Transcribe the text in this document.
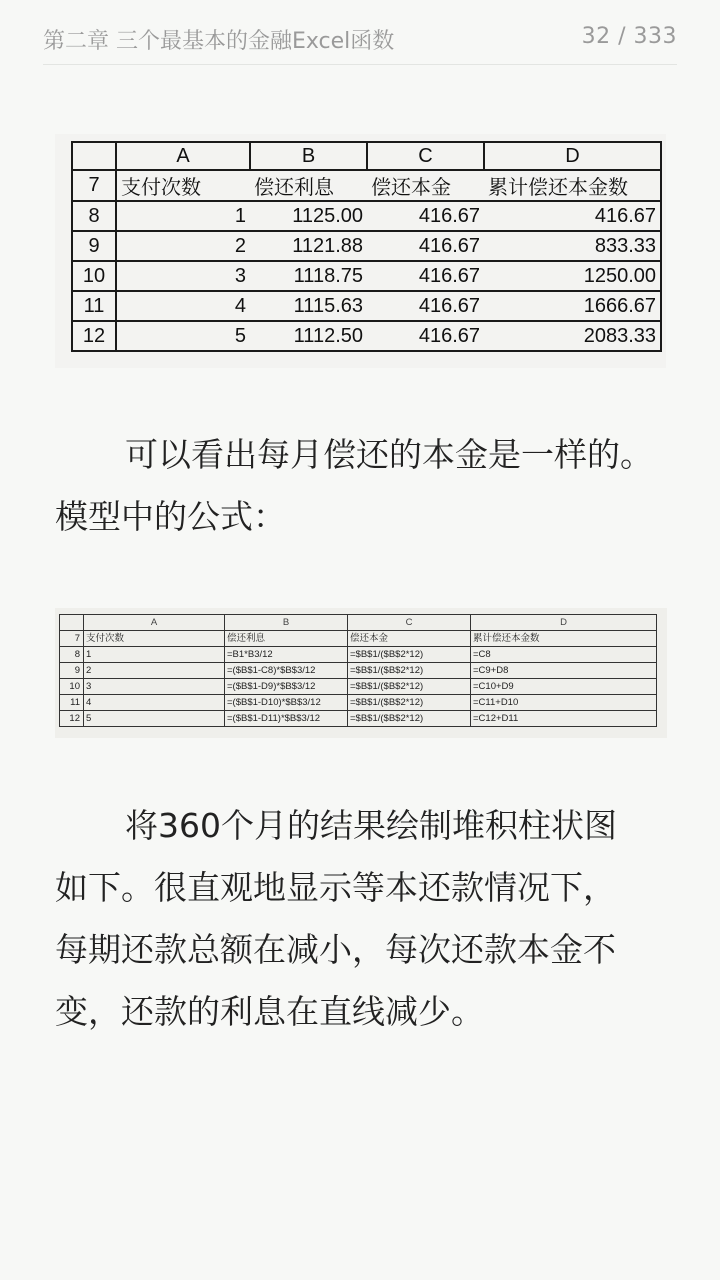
第二章 三个最基本的金融Excel函数	32 / 333
	A	B	C	D
7	支付次数	偿还利息	偿还本金	累计偿还本金数
8	1	1125.00	416.67	416.67
9	2	1121.88	416.67	833.33
10	3	1118.75	416.67	1250.00
11	4	1115.63	416.67	1666.67
12	5	1112.50	416.67	2083.33
可以看出每月偿还的本金是一样的。
模型中的公式：
	A	B	C	D
7	支付次数	偿还利息	偿还本金	累计偿还本金数
8	1	=B1*B3/12	=$B$1/($B$2*12)	=C8
9	2	=($B$1-C8)*$B$3/12	=$B$1/($B$2*12)	=C9+D8
10	3	=($B$1-D9)*$B$3/12	=$B$1/($B$2*12)	=C10+D9
11	4	=($B$1-D10)*$B$3/12	=$B$1/($B$2*12)	=C11+D10
12	5	=($B$1-D11)*$B$3/12	=$B$1/($B$2*12)	=C12+D11
将360个月的结果绘制堆积柱状图
如下。很直观地显示等本还款情况下，
每期还款总额在减小，每次还款本金不
变，还款的利息在直线减少。
